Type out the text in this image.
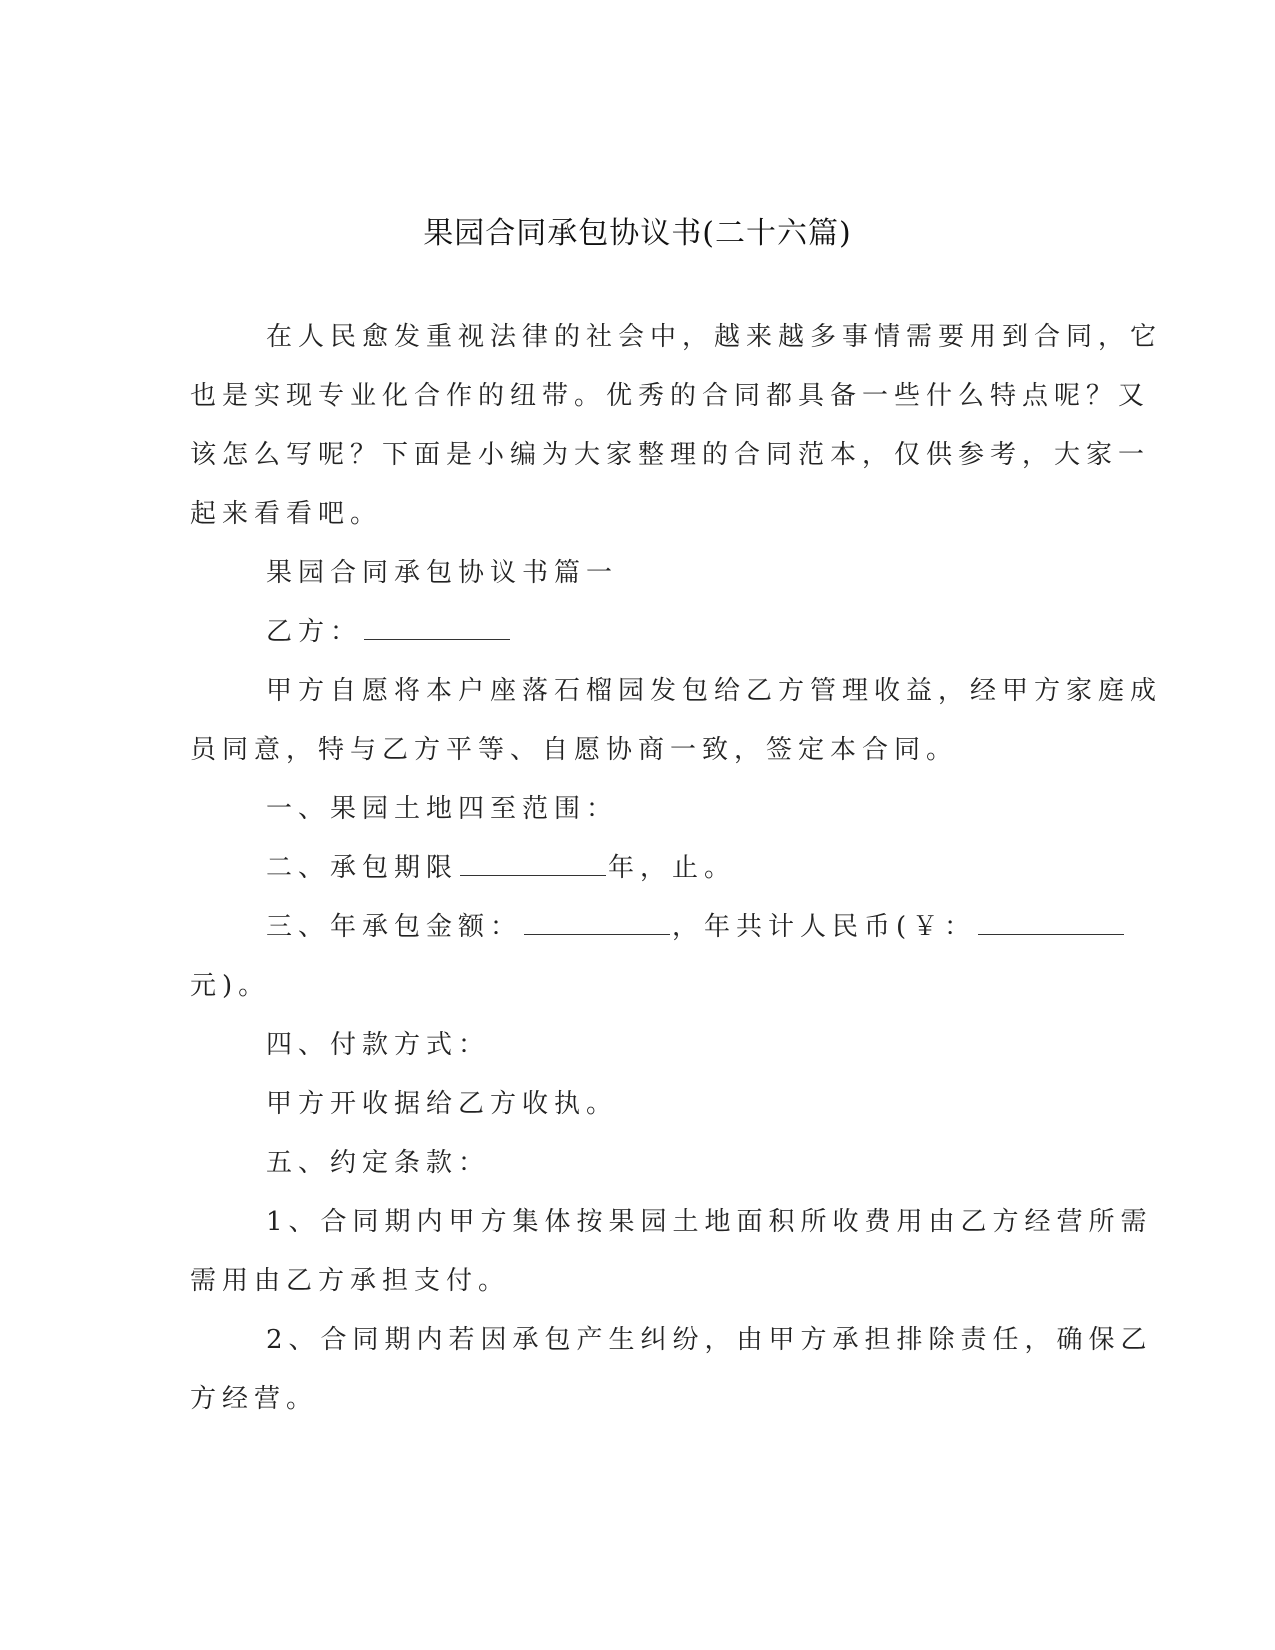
果园合同承包协议书(二十六篇)
在人民愈发重视法律的社会中，越来越多事情需要用到合同，它
也是实现专业化合作的纽带。优秀的合同都具备一些什么特点呢？又
该怎么写呢？下面是小编为大家整理的合同范本，仅供参考，大家一
起来看看吧。
果园合同承包协议书篇一
乙方：
甲方自愿将本户座落石榴园发包给乙方管理收益，经甲方家庭成
员同意，特与乙方平等、自愿协商一致，签定本合同。
一、果园土地四至范围：
二、承包期限	年，止。
三、年承包金额：	，年共计人民币(￥：
元)。
四、付款方式：
甲方开收据给乙方收执。
五、约定条款：
1、合同期内甲方集体按果园土地面积所收费用由乙方经营所需
需用由乙方承担支付。
2、合同期内若因承包产生纠纷，由甲方承担排除责任，确保乙
方经营。
